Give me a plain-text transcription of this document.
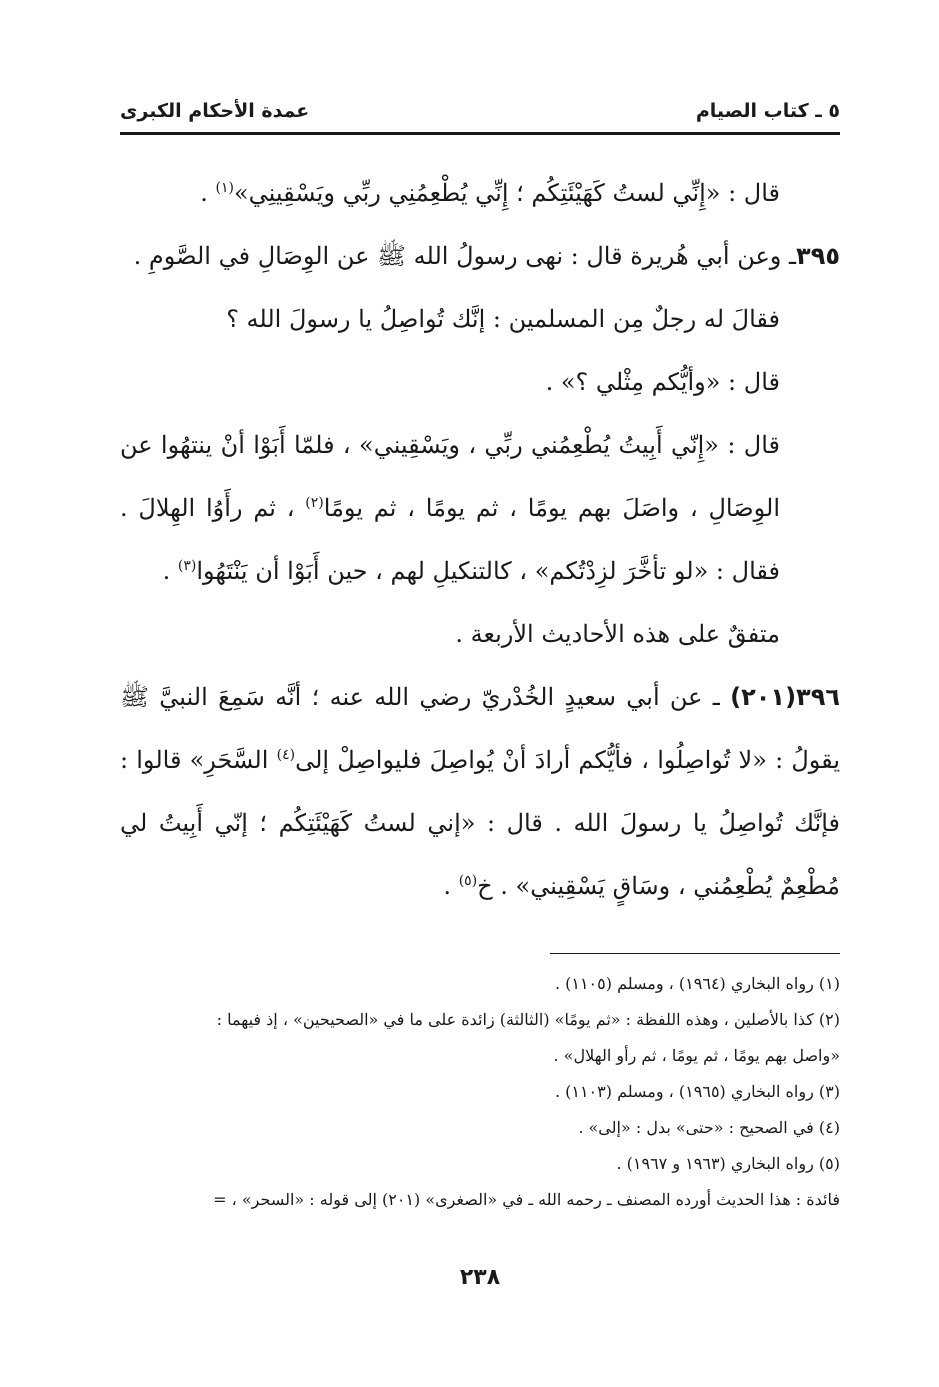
٥ ـ كتاب الصيام
عمدة الأحكام الكبرى

قال : «إِنِّي لستُ كَهَيْئَتِكُم ؛ إِنِّي يُطْعِمُنِي ربِّي ويَسْقِينِي»$^{(١)}$ .

٣٩٥ـ وعن أبي هُريرة قال : نهى رسولُ الله ﷺ عن الوِصَالِ في الصَّومِ .

فقالَ له رجلٌ مِن المسلمين : إنَّك تُواصِلُ يا رسولَ الله ؟

قال : «وأيُّكم مِثْلي ؟» .

قال : «إِنّي أَبِيتُ يُطْعِمُني ربِّي ، ويَسْقِيني» ، فلمّا أَبَوْا أنْ ينتهُوا عن الوِصَالِ ، واصَلَ بهم يومًا ، ثم يومًا ، ثم يومًا$^{(٢)}$ ، ثم رأَوُا الهِلالَ . فقال : «لو تأخَّرَ لزِدْتُكم» ، كالتنكيلِ لهم ، حين أَبَوْا أن يَنْتَهُوا$^{(٣)}$ .

متفقٌ على هذه الأحاديث الأربعة .

٣٩٦(٢٠١) ـ عن أبي سعيدٍ الخُدْريّ رضي الله عنه ؛ أنَّه سَمِعَ النبيَّ ﷺ يقولُ : «لا تُواصِلُوا ، فأيُّكم أرادَ أنْ يُواصِلَ فليواصِلْ إلى$^{(٤)}$ السَّحَرِ» قالوا : فإنَّك تُواصِلُ يا رسولَ الله . قال : «إني لستُ كَهَيْئَتِكُم ؛ إنّي أَبِيتُ لي مُطْعِمٌ يُطْعِمُني ، وسَاقٍ يَسْقِيني» . خ$^{(٥)}$ .

(١) رواه البخاري (١٩٦٤) ، ومسلم (١١٠٥) .

(٢) كذا بالأصلين ، وهذه اللفظة : «ثم يومًا» (الثالثة) زائدة على ما في «الصحيحين» ، إذ فيهما :

«واصل بهم يومًا ، ثم يومًا ، ثم رأو الهلال» .

(٣) رواه البخاري (١٩٦٥) ، ومسلم (١١٠٣) .

(٤) في الصحيح : «حتى» بدل : «إلى» .

(٥) رواه البخاري (١٩٦٣ و ١٩٦٧) .

فائدة : هذا الحديث أورده المصنف ـ رحمه الله ـ في «الصغرى» (٢٠١) إلى قوله : «السحر» ، =

٢٣٨
